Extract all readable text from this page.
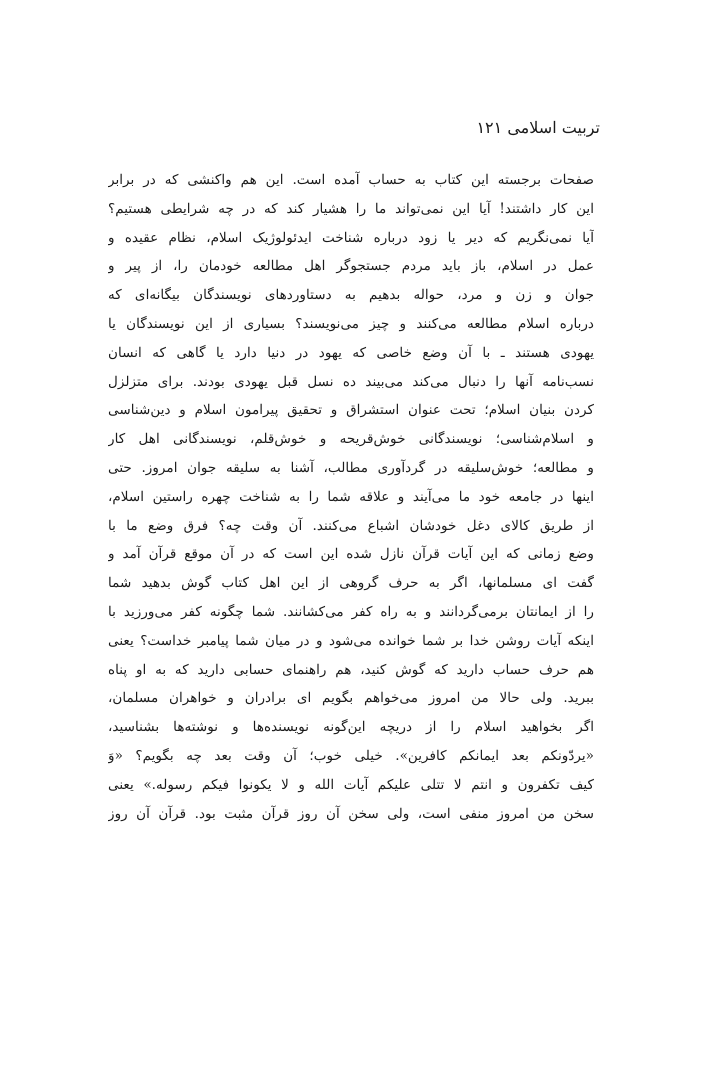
تربیت اسلامی ۱۲۱
صفحات برجسته این کتاب به حساب آمده است. این هم واکنشی که در برابر
این کار داشتند! آیا این نمی‌تواند ما را هشیار کند که در چه شرایطی هستیم؟
آیا نمی‌نگریم که دیر یا زود درباره شناخت ایدئولوژیک اسلام، نظام عقیده و
عمل در اسلام، باز باید مردم جستجوگر اهل مطالعه خودمان را، از پیر و
جوان و زن و مرد، حواله بدهیم به دستاوردهای نویسندگان بیگانه‌ای که
درباره اسلام مطالعه می‌کنند و چیز می‌نویسند؟ بسیاری از این نویسندگان یا
یهودی هستند ـ با آن وضع خاصی که یهود در دنیا دارد یا گاهی که انسان
نسب‌نامه آنها را دنبال می‌کند می‌بیند ده نسل قبل یهودی بودند. برای متزلزل
کردن بنیان اسلام؛ تحت عنوان استشراق و تحقیق پیرامون اسلام و دین‌شناسی
و اسلام‌شناسی؛ نویسندگانی خوش‌قریحه و خوش‌قلم، نویسندگانی اهل کار
و مطالعه؛ خوش‌سلیقه در گردآوری مطالب، آشنا به سلیقه جوان امروز. حتی
اینها در جامعه خود ما می‌آیند و علاقه شما را به شناخت چهره راستین اسلام،
از طریق کالای دغل خودشان اشباع می‌کنند. آن وقت چه؟ فرق وضع ما با
وضع زمانی که این آیات قرآن نازل شده این است که در آن موقع قرآن آمد و
گفت ای مسلمانها، اگر به حرف گروهی از این اهل کتاب گوش بدهید شما
را از ایمانتان برمی‌گردانند و به راه کفر می‌کشانند. شما چگونه کفر می‌ورزید با
اینکه آیات روشن خدا بر شما خوانده می‌شود و در میان شما پیامبر خداست؟ یعنی
هم حرف حساب دارید که گوش کنید، هم راهنمای حسابی دارید که به او پناه
ببرید. ولی حالا من امروز می‌خواهم بگویم ای برادران و خواهران مسلمان،
اگر بخواهید اسلام را از دریچه این‌گونه نویسنده‌ها و نوشته‌ها بشناسید،
«یردّونکم بعد ایمانکم کافرین». خیلی خوب؛ آن وقت بعد چه بگویم؟ «وَ
کیف تکفرون و انتم لا تتلی علیکم آیات الله و لا یکونوا فیکم رسوله.» یعنی
سخن من امروز منفی است، ولی سخن آن روز قرآن مثبت بود. قرآن آن روز
